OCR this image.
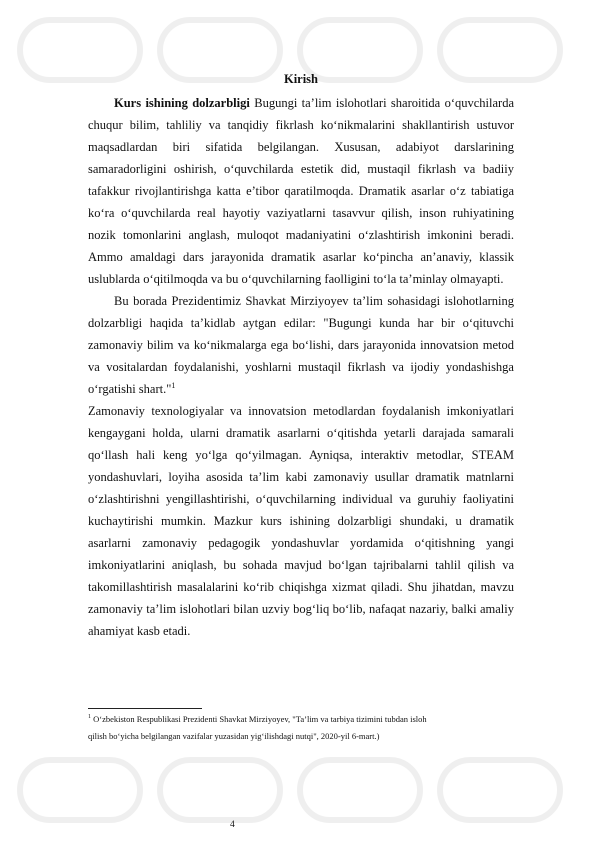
Kirish

Kurs ishining dolzarbligi Bugungi ta’lim islohotlari sharoitida o‘quvchilarda chuqur bilim, tahliliy va tanqidiy fikrlash ko‘nikmalarini shakllantirish ustuvor maqsadlardan biri sifatida belgilangan. Xususan, adabiyot darslarining samaradorligini oshirish, o‘quvchilarda estetik did, mustaqil fikrlash va badiiy tafakkur rivojlantirishga katta e’tibor qaratilmoqda. Dramatik asarlar o‘z tabiatiga ko‘ra o‘quvchilarda real hayotiy vaziyatlarni tasavvur qilish, inson ruhiyatining nozik tomonlarini anglash, muloqot madaniyatini o‘zlashtirish imkonini beradi. Ammo amaldagi dars jarayonida dramatik asarlar ko‘pincha an’anaviy, klassik uslublarda o‘qitilmoqda va bu o‘quvchilarning faolligini to‘la ta’minlay olmayapti.

Bu borada Prezidentimiz Shavkat Mirziyoyev ta’lim sohasidagi islohotlarning dolzarbligi haqida ta’kidlab aytgan edilar: "Bugungi kunda har bir o‘qituvchi zamonaviy bilim va ko‘nikmalarga ega bo‘lishi, dars jarayonida innovatsion metod va vositalardan foydalanishi, yoshlarni mustaqil fikrlash va ijodiy yondashishga o‘rgatishi shart."$^1$

Zamonaviy texnologiyalar va innovatsion metodlardan foydalanish imkoniyatlari kengaygani holda, ularni dramatik asarlarni o‘qitishda yetarli darajada samarali qo‘llash hali keng yo‘lga qo‘yilmagan. Ayniqsa, interaktiv metodlar, STEAM yondashuvlari, loyiha asosida ta’lim kabi zamonaviy usullar dramatik matnlarni o‘zlashtirishni yengillashtirishi, o‘quvchilarning individual va guruhiy faoliyatini kuchaytirishi mumkin. Mazkur kurs ishining dolzarbligi shundaki, u dramatik asarlarni zamonaviy pedagogik yondashuvlar yordamida o‘qitishning yangi imkoniyatlarini aniqlash, bu sohada mavjud bo‘lgan tajribalarni tahlil qilish va takomillashtirish masalalarini ko‘rib chiqishga xizmat qiladi. Shu jihatdan, mavzu zamonaviy ta’lim islohotlari bilan uzviy bog‘liq bo‘lib, nafaqat nazariy, balki amaliy ahamiyat kasb etadi.

$^1$ O‘zbekiston Respublikasi Prezidenti Shavkat Mirziyoyev, "Ta’lim va tarbiya tizimini tubdan isloh
qilish bo‘yicha belgilangan vazifalar yuzasidan yig‘ilishdagi nutqi", 2020-yil 6-mart.)
4
